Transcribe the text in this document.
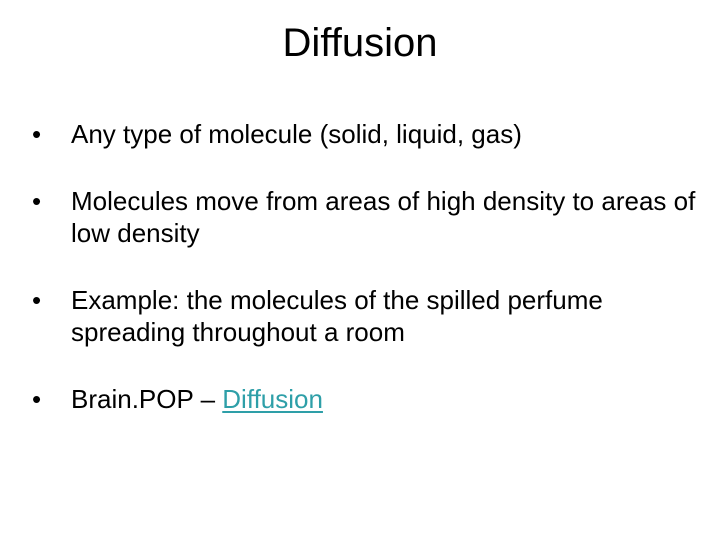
Diffusion
• Any type of molecule (solid, liquid, gas)
• Molecules move from areas of high density to areas of low density
• Example: the molecules of the spilled perfume spreading throughout a room
• Brain.POP – Diffusion
